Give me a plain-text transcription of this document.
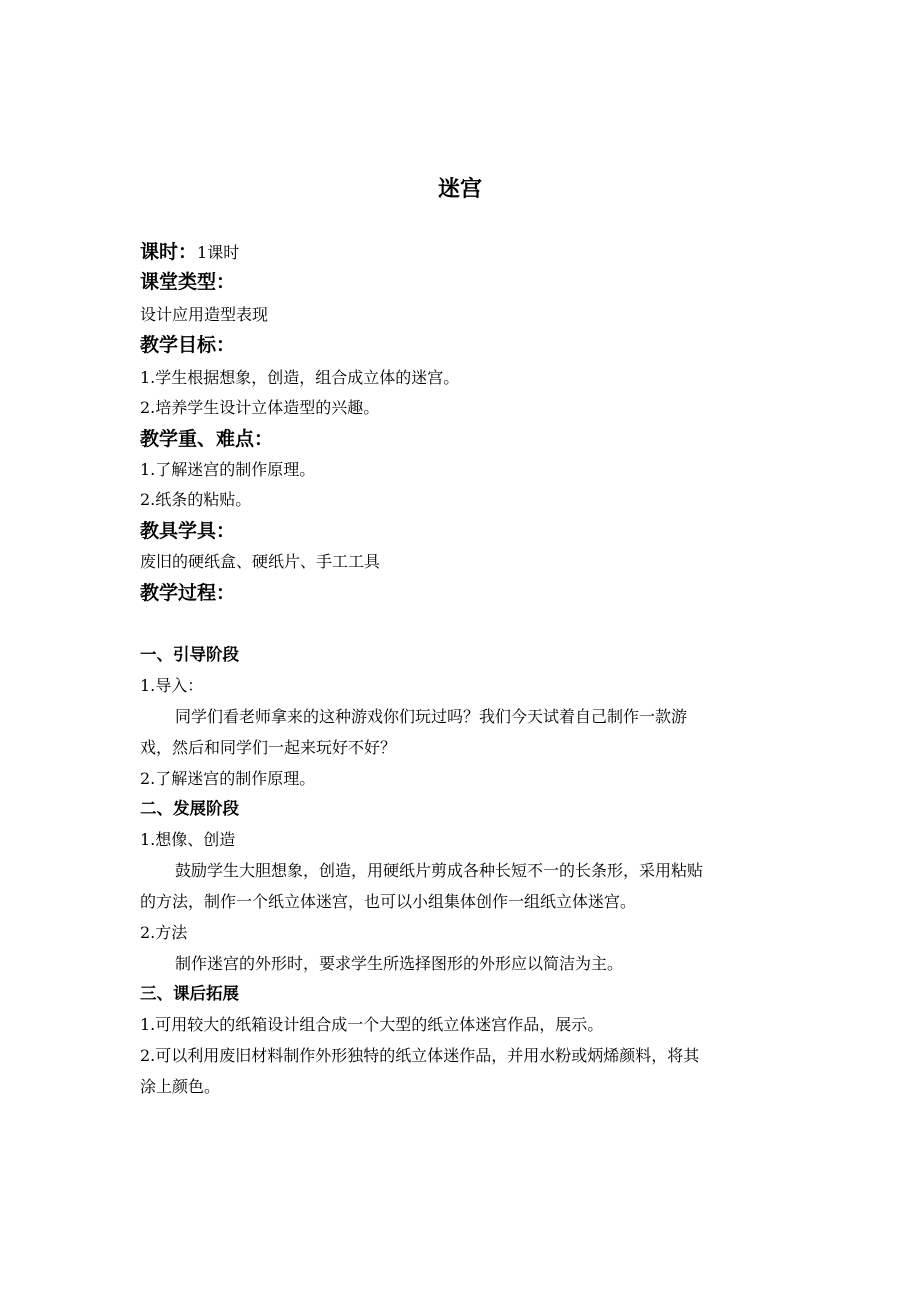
迷宫
课时：1课时
课堂类型：
设计应用造型表现
教学目标：
1.学生根据想象，创造，组合成立体的迷宫。
2.培养学生设计立体造型的兴趣。
教学重、难点：
1.了解迷宫的制作原理。
2.纸条的粘贴。
教具学具：
废旧的硬纸盒、硬纸片、手工工具
教学过程：
一、引导阶段
1.导入：
同学们看老师拿来的这种游戏你们玩过吗？我们今天试着自己制作一款游
戏，然后和同学们一起来玩好不好？
2.了解迷宫的制作原理。
二、发展阶段
1.想像、创造
鼓励学生大胆想象，创造，用硬纸片剪成各种长短不一的长条形，采用粘贴
的方法，制作一个纸立体迷宫，也可以小组集体创作一组纸立体迷宫。
2.方法
制作迷宫的外形时，要求学生所选择图形的外形应以简洁为主。
三、课后拓展
1.可用较大的纸箱设计组合成一个大型的纸立体迷宫作品，展示。
2.可以利用废旧材料制作外形独特的纸立体迷作品，并用水粉或炳烯颜料，将其
涂上颜色。
